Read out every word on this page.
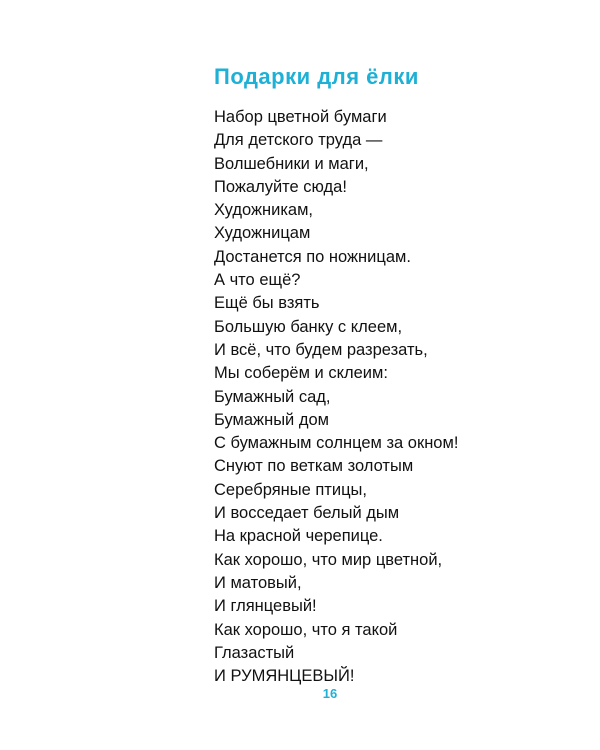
Подарки для ёлки
Набор цветной бумаги
Для детского труда —
Волшебники и маги,
Пожалуйте сюда!
Художникам,
Художницам
Достанется по ножницам.
А что ещё?
Ещё бы взять
Большую банку с клеем,
И всё, что будем разрезать,
Мы соберём и склеим:
Бумажный сад,
Бумажный дом
С бумажным солнцем за окном!
Снуют по веткам золотым
Серебряные птицы,
И восседает белый дым
На красной черепице.
Как хорошо, что мир цветной,
И матовый,
И глянцевый!
Как хорошо, что я такой
Глазастый
И РУМЯНЦЕВЫЙ!
16
